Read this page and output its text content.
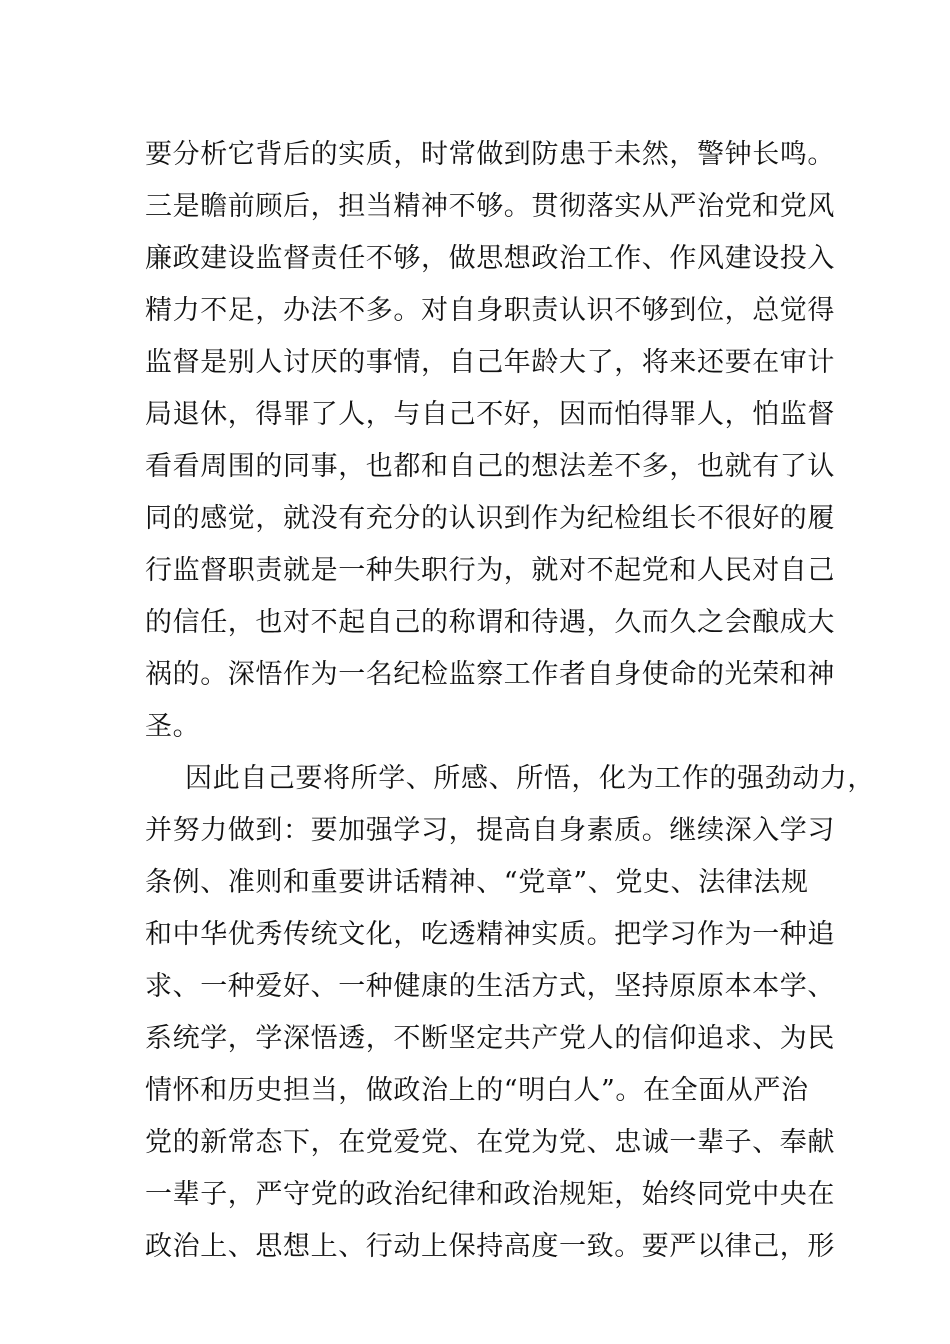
要分析它背后的实质，时常做到防患于未然，警钟长鸣。
三是瞻前顾后，担当精神不够。贯彻落实从严治党和党风
廉政建设监督责任不够，做思想政治工作、作风建设投入
精力不足，办法不多。对自身职责认识不够到位，总觉得
监督是别人讨厌的事情，自己年龄大了，将来还要在审计
局退休，得罪了人，与自己不好，因而怕得罪人，怕监督
看看周围的同事，也都和自己的想法差不多，也就有了认
同的感觉，就没有充分的认识到作为纪检组长不很好的履
行监督职责就是一种失职行为，就对不起党和人民对自己
的信任，也对不起自己的称谓和待遇，久而久之会酿成大
祸的。深悟作为一名纪检监察工作者自身使命的光荣和神
圣。
因此自己要将所学、所感、所悟，化为工作的强劲动力，
并努力做到：要加强学习，提高自身素质。继续深入学习
条例、准则和重要讲话精神、“党章”、党史、法律法规
和中华优秀传统文化，吃透精神实质。把学习作为一种追
求、一种爱好、一种健康的生活方式，坚持原原本本学、
系统学，学深悟透，不断坚定共产党人的信仰追求、为民
情怀和历史担当，做政治上的“明白人”。在全面从严治
党的新常态下，在党爱党、在党为党、忠诚一辈子、奉献
一辈子，严守党的政治纪律和政治规矩，始终同党中央在
政治上、思想上、行动上保持高度一致。要严以律己，形
